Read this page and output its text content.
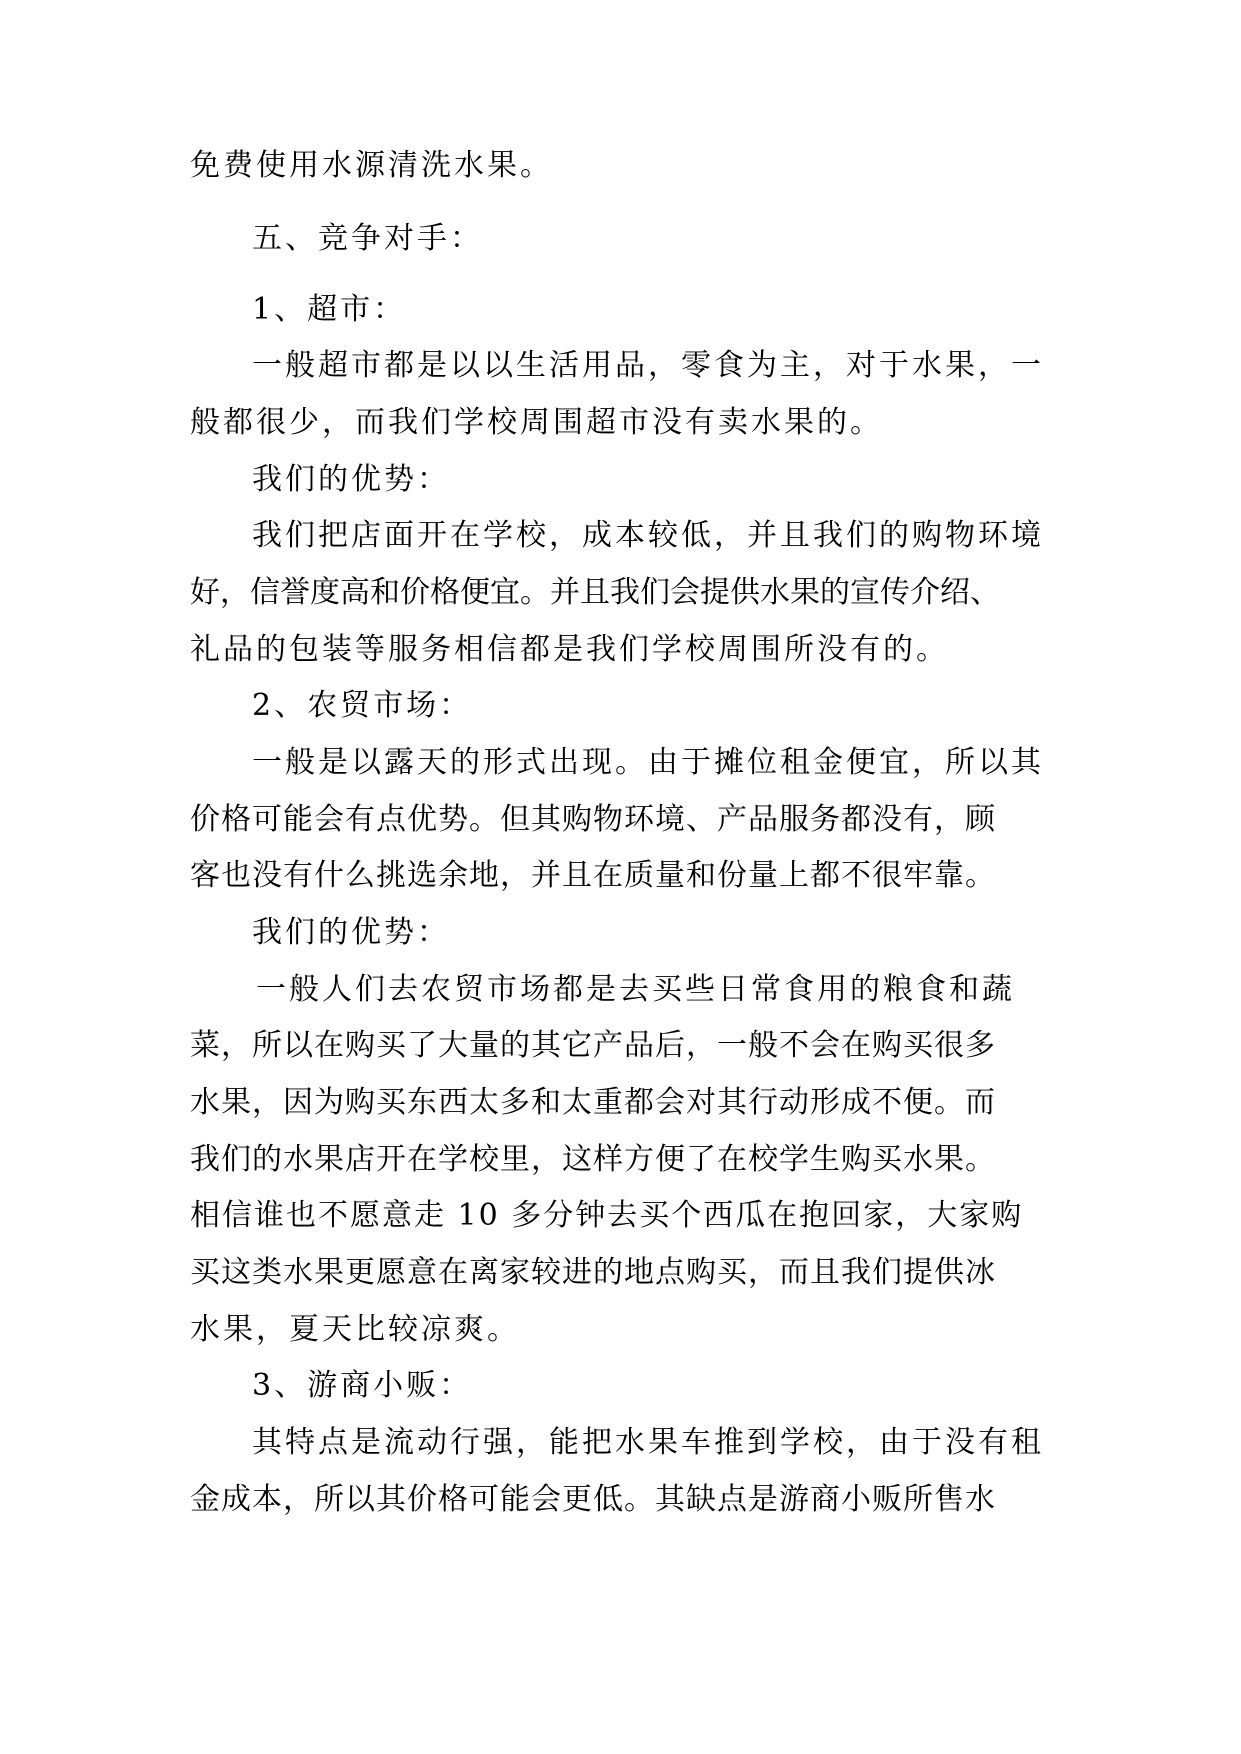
免费使用水源清洗水果。
五、竞争对手：
1、超市：
一般超市都是以以生活用品，零食为主，对于水果，一
般都很少，而我们学校周围超市没有卖水果的。
我们的优势：
我们把店面开在学校，成本较低，并且我们的购物环境
好，信誉度高和价格便宜。并且我们会提供水果的宣传介绍、
礼品的包装等服务相信都是我们学校周围所没有的。
2、农贸市场：
一般是以露天的形式出现。由于摊位租金便宜，所以其
价格可能会有点优势。但其购物环境、产品服务都没有，顾
客也没有什么挑选余地，并且在质量和份量上都不很牢靠。
我们的优势：
一般人们去农贸市场都是去买些日常食用的粮食和蔬
菜，所以在购买了大量的其它产品后，一般不会在购买很多
水果，因为购买东西太多和太重都会对其行动形成不便。而
我们的水果店开在学校里，这样方便了在校学生购买水果。
相信谁也不愿意走 10 多分钟去买个西瓜在抱回家，大家购
买这类水果更愿意在离家较进的地点购买，而且我们提供冰
水果，夏天比较凉爽。
3、游商小贩：
其特点是流动行强，能把水果车推到学校，由于没有租
金成本，所以其价格可能会更低。其缺点是游商小贩所售水
